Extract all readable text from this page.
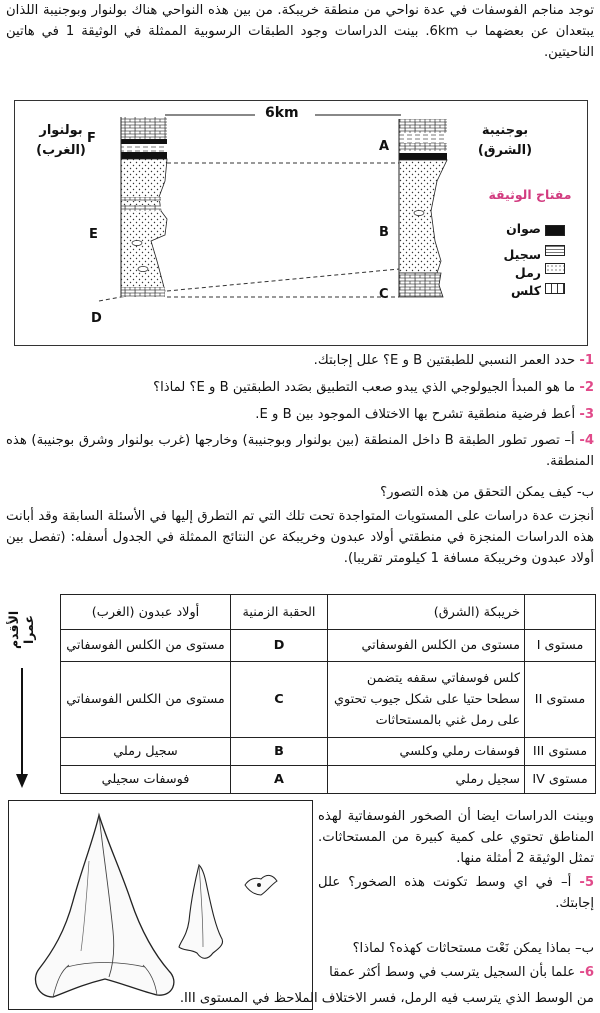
توجد مناجم الفوسفات في عدة نواحي من منطقة خريبكة. من بين هذه النواحي هناك بولنوار وبوجنيبة اللذان يبتعدان عن بعضهما ب 6km. بينت الدراسات وجود الطبقات الرسوبية الممثلة في الوثيقة 1 في هاتين الناحيتين.

6km
بولنوار
(الغرب)
بوجنيبة
(الشرق)
F
E
D
A
B
C
مفتاح الوثيقة
صوان
سجيل
رمل
كلس
1- حدد العمر النسبي للطبقتين B و E؟ علل إجابتك.
2- ما هو المبدأ الجيولوجي الذي يبدو صعب التطبيق بصَدد الطبقتين B و E؟ لماذا؟
3- أعط فرضية منطقية تشرح بها الاختلاف الموجود بين B و E.
4- أ– تصور تطور الطبقة B داخل المنطقة (بين بولنوار وبوجنيبة) وخارجها (غرب بولنوار وشرق بوجنيبة) هذه المنطقة.
ب- كيف يمكن التحقق من هذه التصور؟
أنجزت عدة دراسات على المستويات المتواجدة تحت تلك التي تم التطرق إليها في الأسئلة السابقة وقد أبانت هذه الدراسات المنجزة في منطقتي أولاد عبدون وخريبكة عن النتائج الممثلة في الجدول أسفله: (تفصل بين أولاد عبدون وخريبكة مسافة 1 كيلومتر تقريبا).
الأقدم عمرا
	خريبكة (الشرق)	الحقبة الزمنية	أولاد عبدون (الغرب)
مستوى I	مستوى من الكلس الفوسفاتي	D	مستوى من الكلس الفوسفاتي
مستوى II	كلس فوسفاتي سقفه يتضمن سطحا حتيا على شكل جيوب تحتوي على رمل غني بالمستحاثات	C	مستوى من الكلس الفوسفاتي
مستوى III	فوسفات رملي وكلسي	B	سجيل رملي
مستوى IV	سجيل رملي	A	فوسفات سجيلي
وبينت الدراسات ايضا أن الصخور الفوسفاتية لهذه المناطق تحتوي على كمية كبيرة من المستحاثات. تمثل الوثيقة 2 أمثلة منها.
5- أ– في اي وسط تكونت هذه الصخور؟ علل إجابتك.
ب– بماذا يمكن نَعْت مستحاثات كهذه؟ لماذا؟
6- علما بأن السجيل يترسب في وسط أكثر عمقا
من الوسط الذي يترسب فيه الرمل، فسر الاختلاف الملاحظ في المستوى III.
